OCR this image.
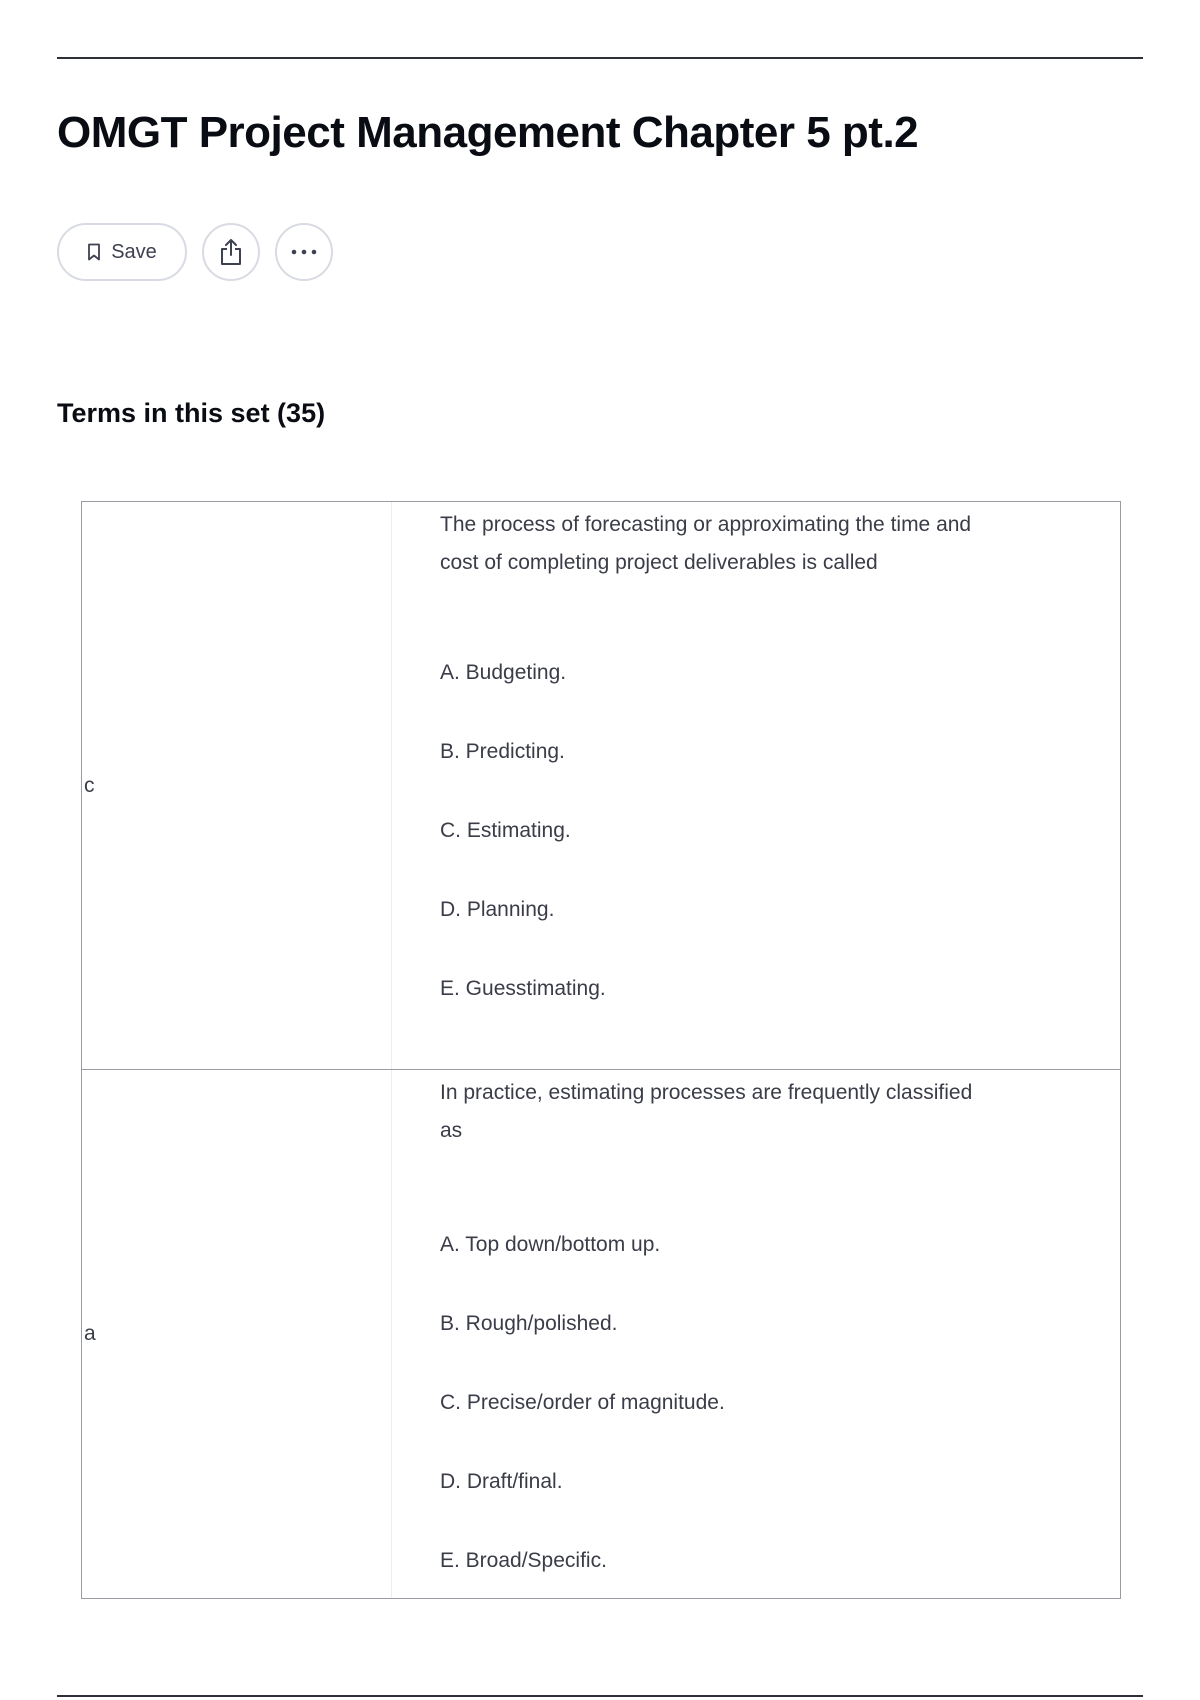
OMGT Project Management Chapter 5 pt.2
Save
Terms in this set (35)
c

The process of forecasting or approximating the time and cost of completing project deliverables is called

A. Budgeting.
B. Predicting.
C. Estimating.
D. Planning.
E. Guesstimating.
a

In practice, estimating processes are frequently classified as

A. Top down/bottom up.
B. Rough/polished.
C. Precise/order of magnitude.
D. Draft/final.
E. Broad/Specific.
